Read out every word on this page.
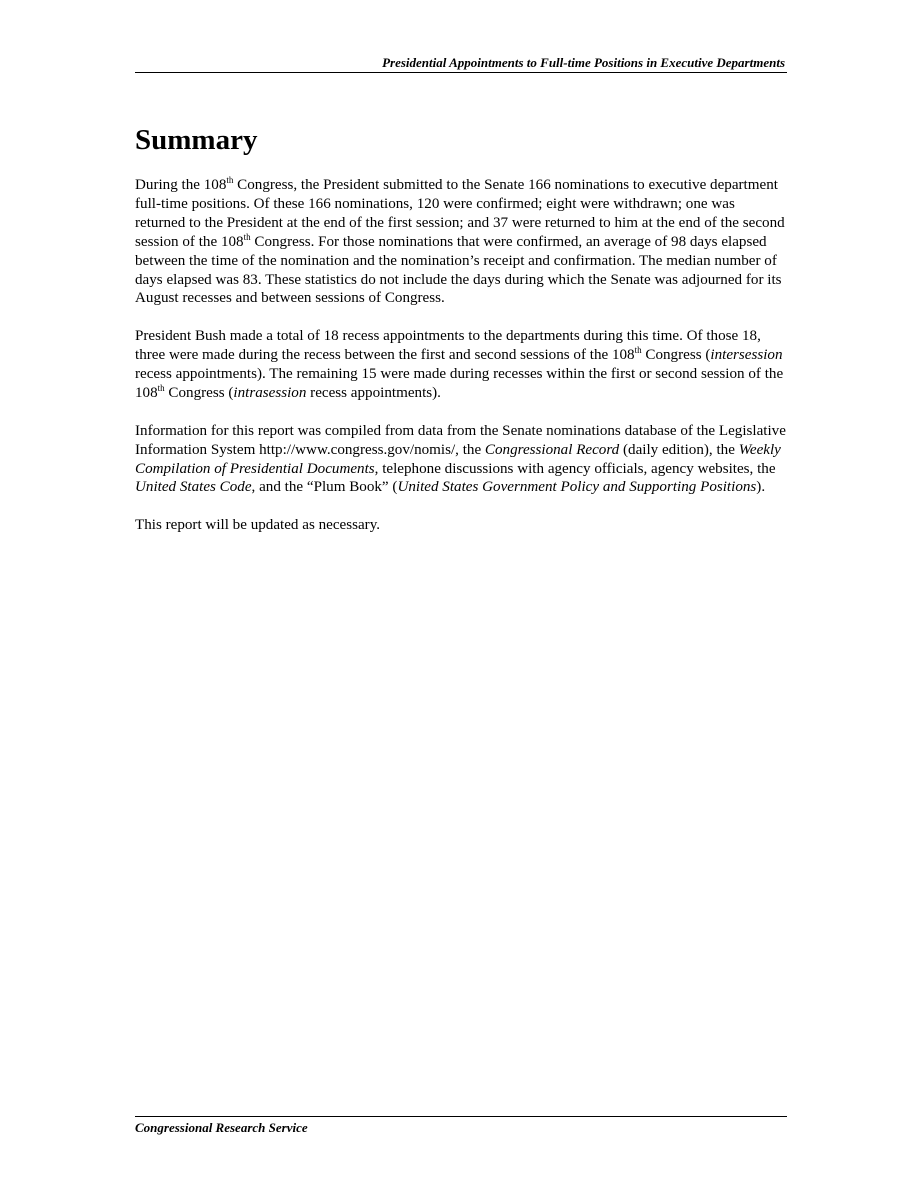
Presidential Appointments to Full-time Positions in Executive Departments
Summary

During the 108th Congress, the President submitted to the Senate 166 nominations to executive department full-time positions. Of these 166 nominations, 120 were confirmed; eight were withdrawn; one was returned to the President at the end of the first session; and 37 were returned to him at the end of the second session of the 108th Congress. For those nominations that were confirmed, an average of 98 days elapsed between the time of the nomination and the nomination’s receipt and confirmation. The median number of days elapsed was 83. These statistics do not include the days during which the Senate was adjourned for its August recesses and between sessions of Congress.

President Bush made a total of 18 recess appointments to the departments during this time. Of those 18, three were made during the recess between the first and second sessions of the 108th Congress (intersession recess appointments). The remaining 15 were made during recesses within the first or second session of the 108th Congress (intrasession recess appointments).

Information for this report was compiled from data from the Senate nominations database of the Legislative Information System http://www.congress.gov/nomis/, the Congressional Record (daily edition), the Weekly Compilation of Presidential Documents, telephone discussions with agency officials, agency websites, the United States Code, and the “Plum Book” (United States Government Policy and Supporting Positions).

This report will be updated as necessary.

Congressional Research Service
